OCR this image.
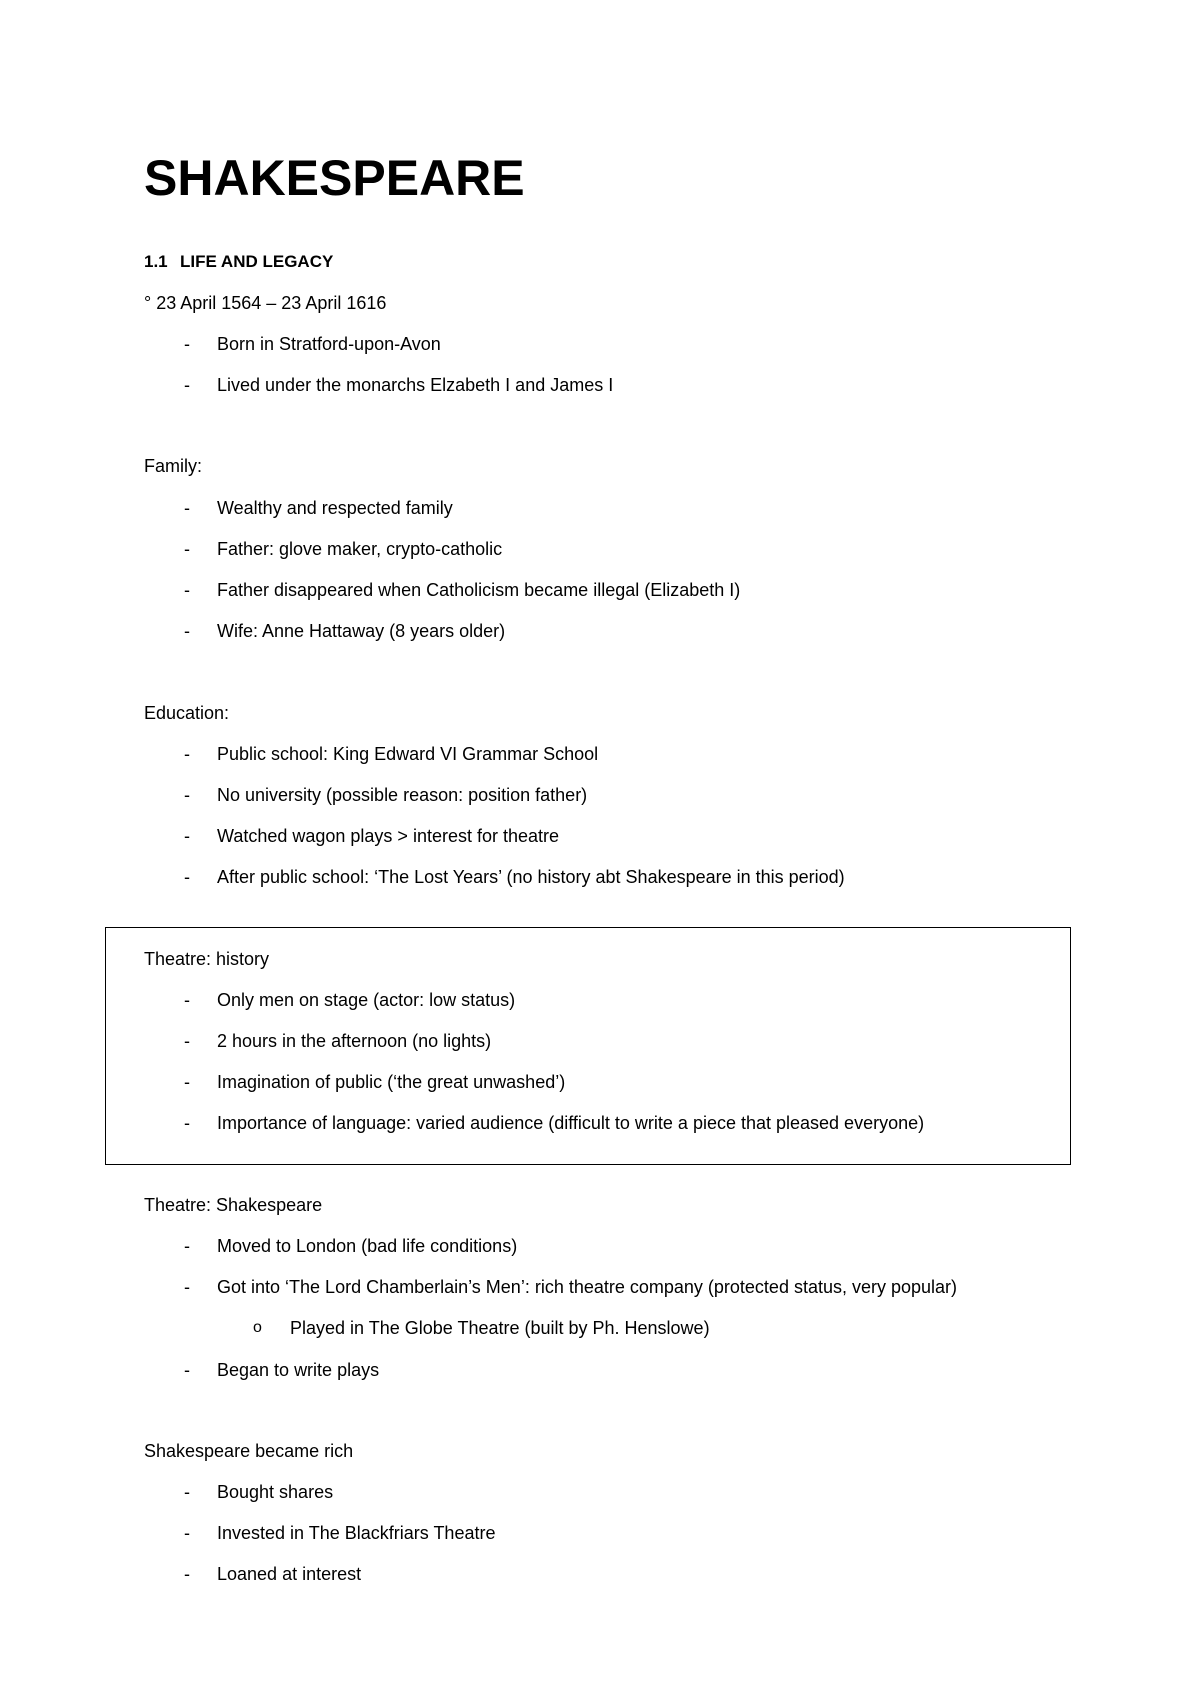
SHAKESPEARE
1.1 LIFE AND LEGACY

° 23 April 1564 – 23 April 1616

- Born in Stratford-upon-Avon
- Lived under the monarchs Elzabeth I and James I

Family:

- Wealthy and respected family
- Father: glove maker, crypto-catholic
- Father disappeared when Catholicism became illegal (Elizabeth I)
- Wife: Anne Hattaway (8 years older)

Education:

- Public school: King Edward VI Grammar School
- No university (possible reason: position father)
- Watched wagon plays > interest for theatre
- After public school: ‘The Lost Years’ (no history abt Shakespeare in this period)

Theatre: history

- Only men on stage (actor: low status)
- 2 hours in the afternoon (no lights)
- Imagination of public (‘the great unwashed’)
- Importance of language: varied audience (difficult to write a piece that pleased everyone)

Theatre: Shakespeare

- Moved to London (bad life conditions)
- Got into ‘The Lord Chamberlain’s Men’: rich theatre company (protected status, very popular)
o Played in The Globe Theatre (built by Ph. Henslowe)
- Began to write plays

Shakespeare became rich

- Bought shares
- Invested in The Blackfriars Theatre
- Loaned at interest
